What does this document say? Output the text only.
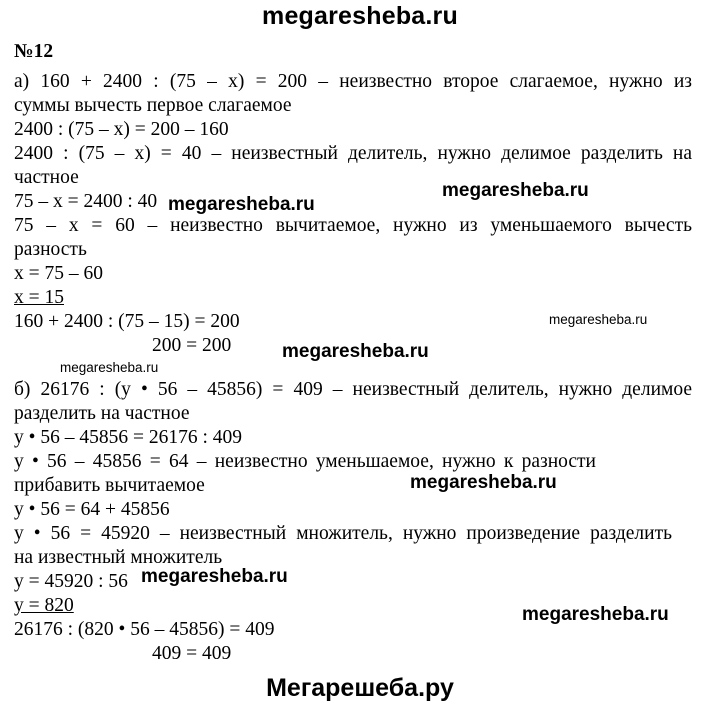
megaresheba.ru
№12
а) 160 + 2400 : (75 – x) = 200 – неизвестно второе слагаемое, нужно из
суммы вычесть первое слагаемое
2400 : (75 – x) = 200 – 160
2400 : (75 – x) = 40 – неизвестный делитель, нужно делимое разделить на
частное
75 – x = 2400 : 40
75 – x = 60 – неизвестно вычитаемое, нужно из уменьшаемого вычесть
разность
x = 75 – 60
x = 15
160 + 2400 : (75 – 15) = 200
200 = 200
б) 26176 : (y • 56 – 45856) = 409 – неизвестный делитель, нужно делимое
разделить на частное
y • 56 – 45856 = 26176 : 409
y • 56 – 45856 = 64 – неизвестно уменьшаемое, нужно к разности
прибавить вычитаемое
y • 56 = 64 + 45856
y • 56 = 45920 – неизвестный множитель, нужно произведение разделить
на известный множитель
y = 45920 : 56
y = 820
26176 : (820 • 56 – 45856) = 409
409 = 409
megaresheba.ru
megaresheba.ru
megaresheba.ru
megaresheba.ru
megaresheba.ru
megaresheba.ru
megaresheba.ru
megaresheba.ru
Мегарешеба.ру
